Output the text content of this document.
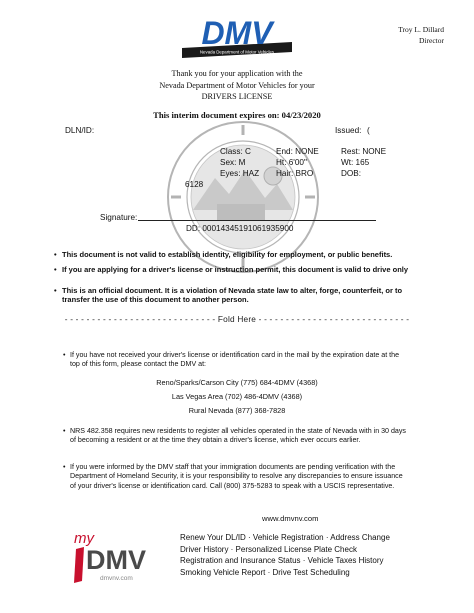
DMV
Nevada Department of Motor Vehicles
Troy L. Dillard
Director
Thank you for your application with the
Nevada Department of Motor Vehicles for your
DRIVERS LICENSE
This interim document expires on: 04/23/2020
DLN/ID:	Issued: (
Class: C	End: NONE	Rest: NONE
Sex: M	Ht: 6'00"	Wt: 165
Eyes: HAZ Hair: BRO	DOB:
6128
Signature:
DD: 00014345191061935900
• This document is not valid to establish identity, eligibility for employment, or public benefits.
• If you are applying for a driver's license or instruction permit, this document is valid to drive only
• This is an official document. It is a violation of Nevada state law to alter, forge, counterfeit, or to transfer the use of this document to another person.
- - - - - - - - - - - - - - - - - - - - - - - - - - - - Fold Here - - - - - - - - - - - - - - - - - - - - - - - - - - - -
• If you have not received your driver's license or identification card in the mail by the expiration date at the top of this form, please contact the DMV at:
Reno/Sparks/Carson City (775) 684-4DMV (4368)
Las Vegas Area (702) 486-4DMV (4368)
Rural Nevada (877) 368-7828
• NRS 482.358 requires new residents to register all vehicles operated in the state of Nevada with in 30 days of becoming a resident or at the time they obtain a driver's license, which ever occurs earlier.
• If you were informed by the DMV staff that your immigration documents are pending verification with the Department of Homeland Security, it is your responsibility to resolve any discrepancies to ensure issuance of your driver's license or identification card. Call (800) 375-5283 to speak with a USCIS representative.
www.dmvnv.com
my
DMV
dmvnv.com
Renew Your DL/ID · Vehicle Registration · Address Change
Driver History · Personalized License Plate Check
Registration and Insurance Status · Vehicle Taxes History
Smoking Vehicle Report · Drive Test Scheduling
